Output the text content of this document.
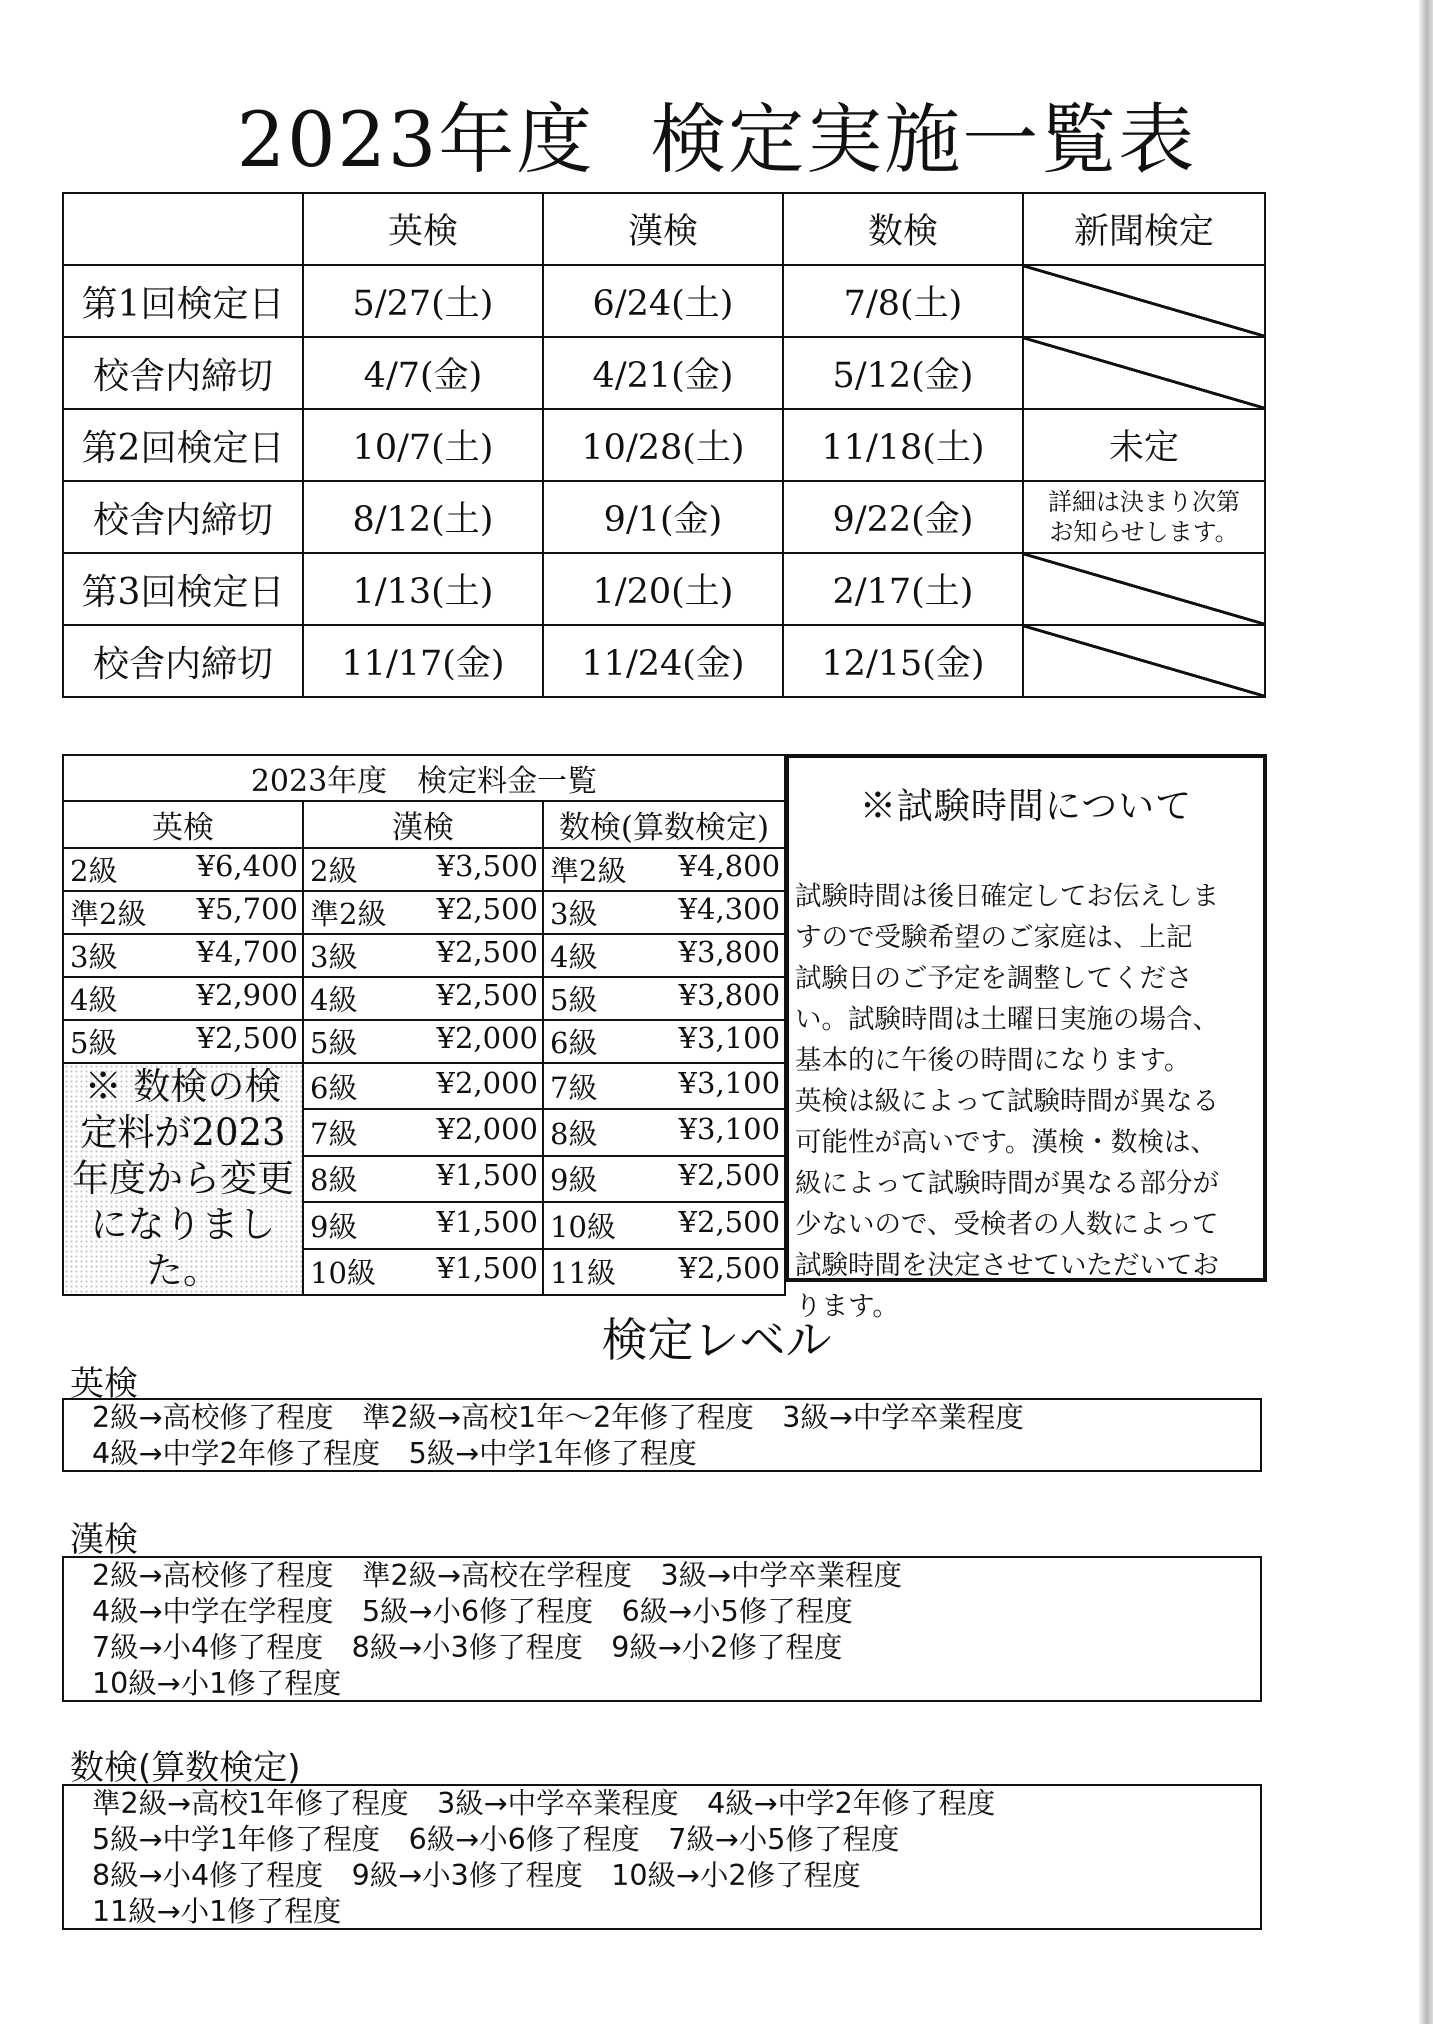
2023年度 検定実施一覧表
	英検	漢検	数検	新聞検定
第1回検定日	5/27(土)	6/24(土)	7/8(土)	
校舎内締切	4/7(金)	4/21(金)	5/12(金)	
第2回検定日	10/7(土)	10/28(土)	11/18(土)	未定
校舎内締切	8/12(土)	9/1(金)	9/22(金)	詳細は決まり次第
お知らせします。
第3回検定日	1/13(土)	1/20(土)	2/17(土)	
校舎内締切	11/17(金)	11/24(金)	12/15(金)	
2023年度　検定料金一覧		
英検	漢検	数検(算数検定)
2級 ¥6,400	2級 ¥3,500	準2級 ¥4,800

準2級 ¥5,700	準2級 ¥2,500	3級 ¥4,300

3級 ¥4,700	3級 ¥2,500	4級 ¥3,800

4級 ¥2,900	4級 ¥2,500	5級 ¥3,800

5級 ¥2,500	5級 ¥2,000	6級 ¥3,100

※ 数検の検
定料が2023
年度から変更
になりました。	6級 ¥2,000	7級 ¥3,100

	7級 ¥2,000	8級 ¥3,100

	8級 ¥1,500	9級 ¥2,500

	9級 ¥1,500	10級 ¥2,500

	10級 ¥1,500	11級 ¥2,500
※試験時間について
試験時間は後日確定してお伝えしま
すので受験希望のご家庭は、上記
試験日のご予定を調整してくださ
い。試験時間は土曜日実施の場合、
基本的に午後の時間になります。
英検は級によって試験時間が異なる
可能性が高いです。漢検・数検は、
級によって試験時間が異なる部分が
少ないので、受検者の人数によって
試験時間を決定させていただいてお
ります。
検定レベル
英検
2級→高校修了程度　準2級→高校1年～2年修了程度　3級→中学卒業程度
4級→中学2年修了程度　5級→中学1年修了程度
漢検
2級→高校修了程度　準2級→高校在学程度　3級→中学卒業程度
4級→中学在学程度　5級→小6修了程度　6級→小5修了程度
7級→小4修了程度　8級→小3修了程度　9級→小2修了程度
10級→小1修了程度
数検(算数検定)
準2級→高校1年修了程度　3級→中学卒業程度　4級→中学2年修了程度
5級→中学1年修了程度　6級→小6修了程度　7級→小5修了程度
8級→小4修了程度　9級→小3修了程度　10級→小2修了程度
11級→小1修了程度
